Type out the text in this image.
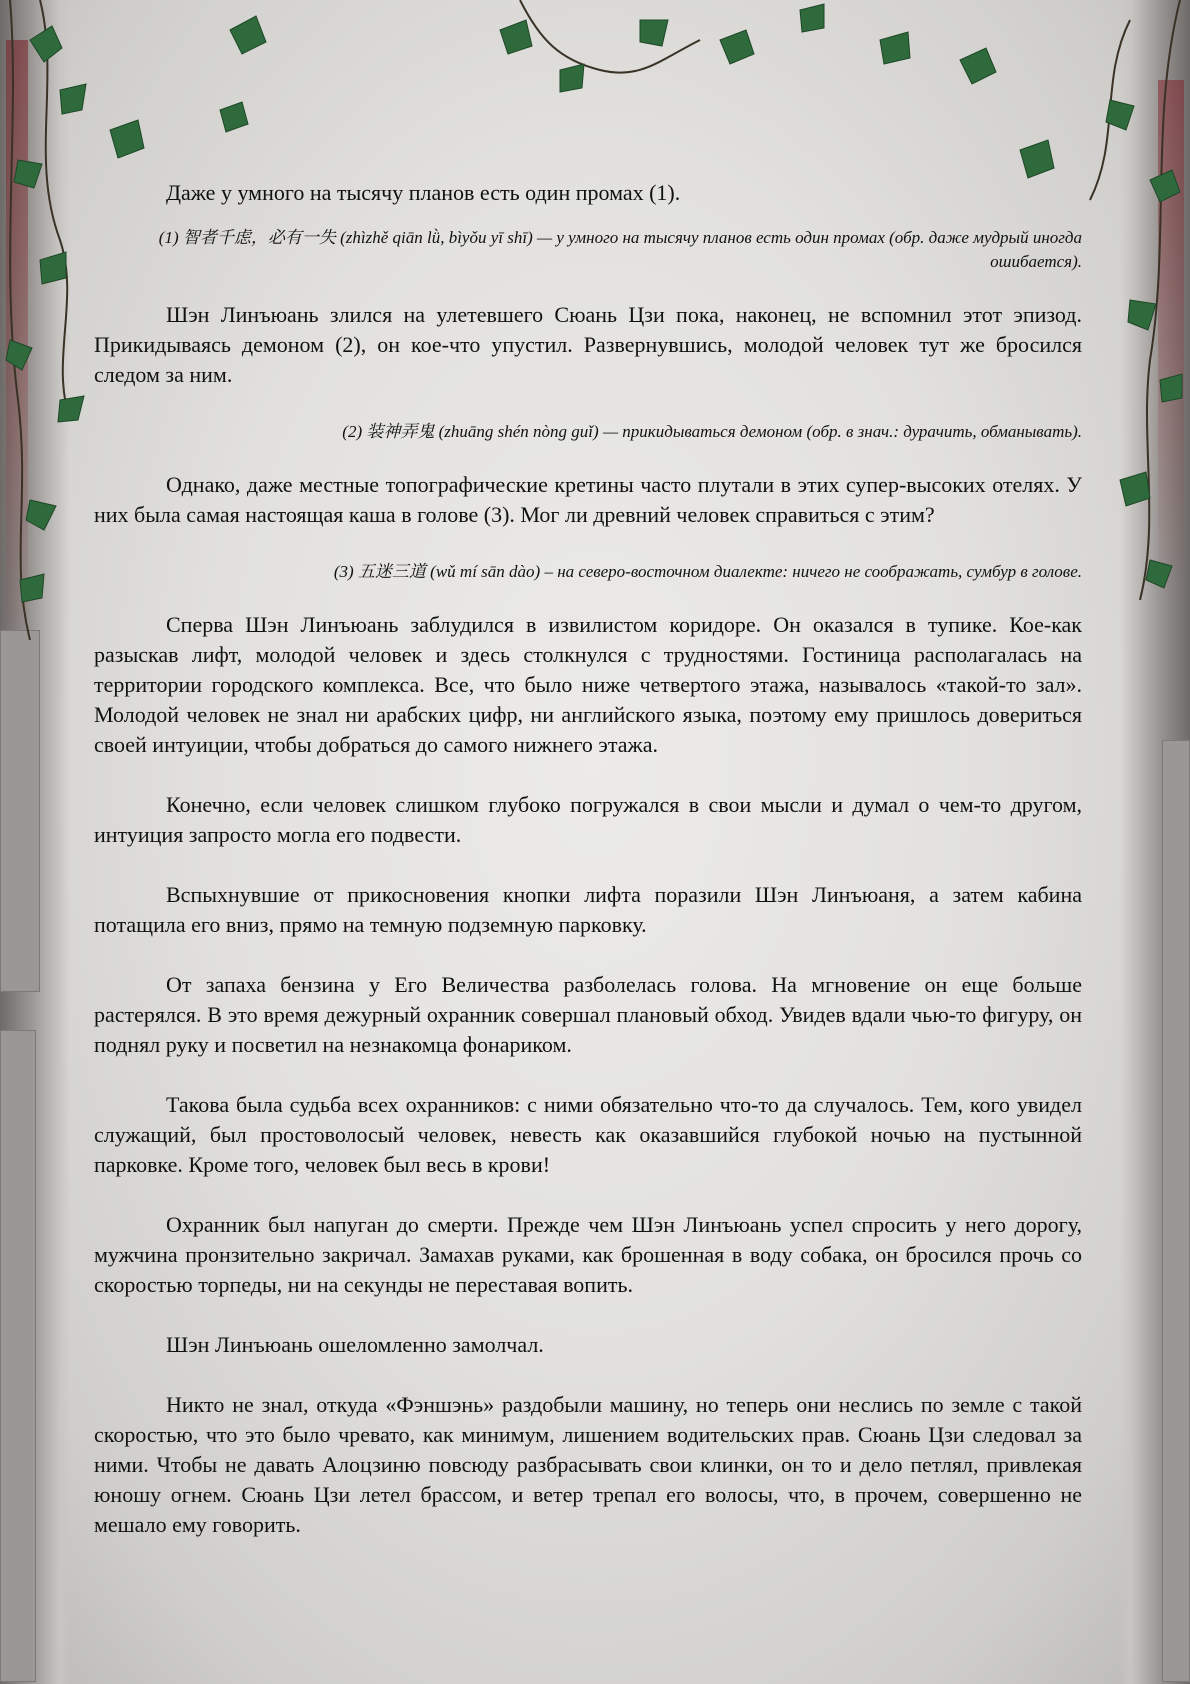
Даже у умного на тысячу планов есть один промах (1).

(1) 智者千虑，必有一失 (zhìzhě qiān lǜ, bìyǒu yī shī) — у умного на тысячу планов есть один промах (обр. даже мудрый иногда ошибается).

Шэн Линъюань злился на улетевшего Сюань Цзи пока, наконец, не вспомнил этот эпизод. Прикидываясь демоном (2), он кое-что упустил. Развернувшись, молодой человек тут же бросился следом за ним.

(2) 装神弄鬼 (zhuāng shén nòng guǐ) — прикидываться демоном (обр. в знач.: дурачить, обманывать).

Однако, даже местные топографические кретины часто плутали в этих супер-высоких отелях. У них была самая настоящая каша в голове (3). Мог ли древний человек справиться с этим?

(3) 五迷三道 (wǔ mí sān dào) – на северо-восточном диалекте: ничего не соображать, сумбур в голове.

Сперва Шэн Линъюань заблудился в извилистом коридоре. Он оказался в тупике. Кое-как разыскав лифт, молодой человек и здесь столкнулся с трудностями. Гостиница располагалась на территории городского комплекса. Все, что было ниже четвертого этажа, называлось «такой-то зал». Молодой человек не знал ни арабских цифр, ни английского языка, поэтому ему пришлось довериться своей интуиции, чтобы добраться до самого нижнего этажа.

Конечно, если человек слишком глубоко погружался в свои мысли и думал о чем-то другом, интуиция запросто могла его подвести.

Вспыхнувшие от прикосновения кнопки лифта поразили Шэн Линъюаня, а затем кабина потащила его вниз, прямо на темную подземную парковку.

От запаха бензина у Его Величества разболелась голова. На мгновение он еще больше растерялся. В это время дежурный охранник совершал плановый обход. Увидев вдали чью-то фигуру, он поднял руку и посветил на незнакомца фонариком.

Такова была судьба всех охранников: с ними обязательно что-то да случалось. Тем, кого увидел служащий, был простоволосый человек, невесть как оказавшийся глубокой ночью на пустынной парковке. Кроме того, человек был весь в крови!

Охранник был напуган до смерти. Прежде чем Шэн Линъюань успел спросить у него дорогу, мужчина пронзительно закричал. Замахав руками, как брошенная в воду собака, он бросился прочь со скоростью торпеды, ни на секунды не переставая вопить.

Шэн Линъюань ошеломленно замолчал.

Никто не знал, откуда «Фэншэнь» раздобыли машину, но теперь они неслись по земле с такой скоростью, что это было чревато, как минимум, лишением водительских прав. Сюань Цзи следовал за ними. Чтобы не давать Алоцзиню повсюду разбрасывать свои клинки, он то и дело петлял, привлекая юношу огнем. Сюань Цзи летел брассом, и ветер трепал его волосы, что, в прочем, совершенно не мешало ему говорить.
